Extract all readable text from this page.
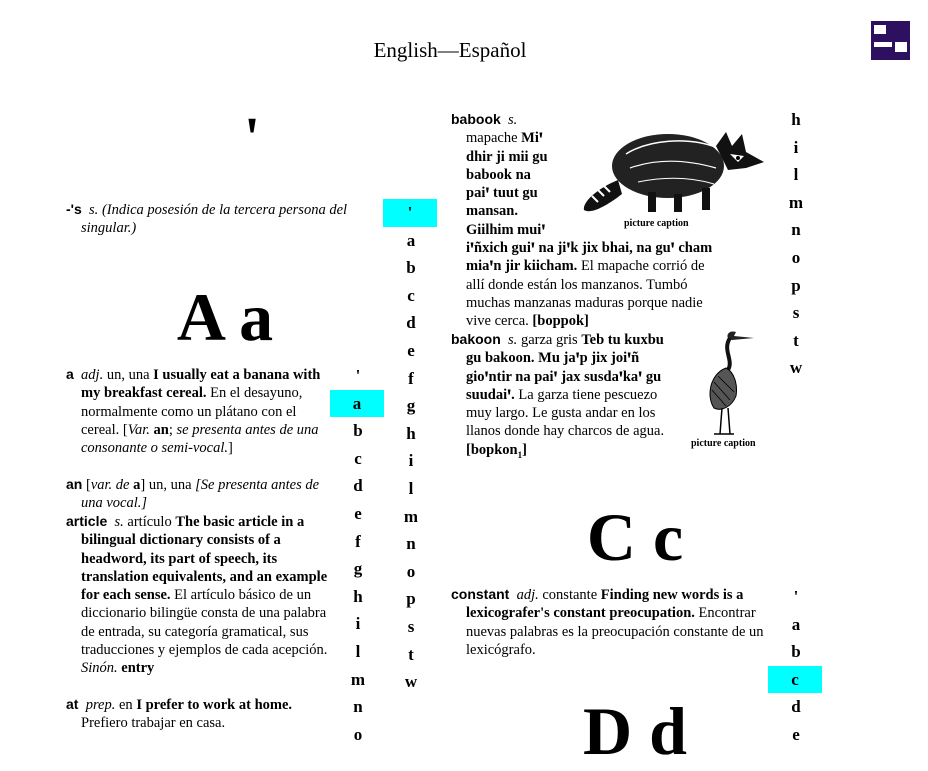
English—Español
'
A a
C c
D d
-'s s. (Indica posesión de la tercera persona del singular.)
a adj. un, una I usually eat a banana with my breakfast cereal. En el desayuno, normalmente como un plátano con el cereal. [Var. an; se presenta antes de una consonante o semi-vocal.]
an [var. de a] un, una [Se presenta antes de una vocal.]
article s. artículo The basic article in a bilingual dictionary consists of a headword, its part of speech, its translation equivalents, and an example for each sense. El artículo básico de un diccionario bilingüe consta de una palabra de entrada, su categoría gramatical, sus traducciones y ejemplos de cada acepción. Sinón. entry
at prep. en I prefer to work at home. Prefiero trabajar en casa.
babook s.
mapache Miꞌ
dhir ji mii gu
babook na
paiꞌ tuut gu
mansan.
Giilhim muiꞌ
iꞌñxich guiꞌ na jiꞌk jix bhai, na guꞌ cham
miaꞌn jir kiicham. El mapache corrió de
allí donde están los manzanos. Tumbó
muchas manzanas maduras porque nadie
vive cerca. [boppok]
picture caption
bakoon s. garza gris Teb tu kuxbu
gu bakoon. Mu jaꞌp jix joiꞌñ
gioꞌntir na paiꞌ jax susdaꞌkaꞌ gu
suudaiꞌ. La garza tiene pescuezo
muy largo. Le gusta andar en los
llanos donde hay charcos de agua.
[bopkon$_1$]	picture caption
constant adj. constante Finding new words is a lexicografer's constant preocupation. Encontrar nuevas palabras es la preocupación constante de un lexicógrafo.
'
a
b
c
d
e
f
g
h
i
l
m
n
o
p
s
t
w
'
a
b
c
d
e
f
g
h
i
l
m
n
o
h
i
l
m
n
o
p
s
t
w
'
a
b
c
d
e
